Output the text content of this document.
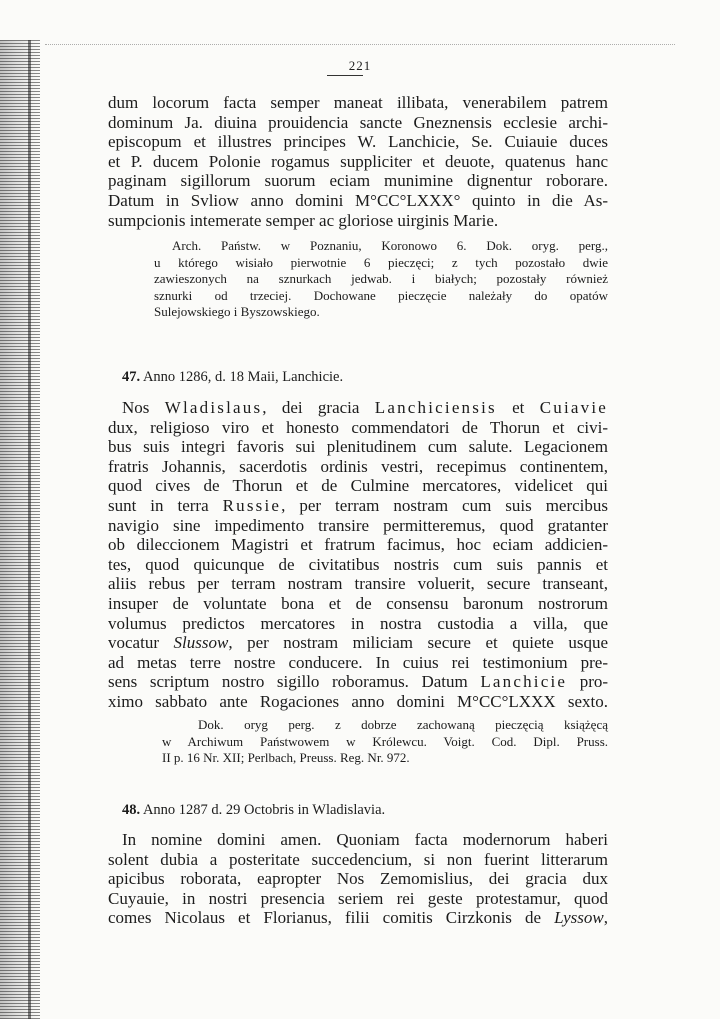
221
dum locorum facta semper maneat illibata, venerabilem patrem
dominum Ja. diuina prouidencia sancte Gneznensis ecclesie archi-
episcopum et illustres principes W. Lanchicie, Se. Cuiauie duces
et P. ducem Polonie rogamus suppliciter et deuote, quatenus hanc
paginam sigillorum suorum eciam munimine dignentur roborare.
Datum in Svliow anno domini M°CC°LXXX° quinto in die As-
sumpcionis intemerate semper ac gloriose uirginis Marie.
Arch. Państw. w Poznaniu, Koronowo 6. Dok. oryg. perg.,
u którego wisiało pierwotnie 6 pieczęci; z tych pozostało dwie
zawieszonych na sznurkach jedwab. i białych; pozostały również
sznurki od trzeciej. Dochowane pieczęcie należały do opatów
Sulejowskiego i Byszowskiego.
47. Anno 1286, d. 18 Maii, Lanchicie.
Nos Wladislaus, dei gracia Lanchiciensis et Cuiavie
dux, religioso viro et honesto commendatori de Thorun et civi-
bus suis integri favoris sui plenitudinem cum salute. Legacionem
fratris Johannis, sacerdotis ordinis vestri, recepimus continentem,
quod cives de Thorun et de Culmine mercatores, videlicet qui
sunt in terra Russie, per terram nostram cum suis mercibus
navigio sine impedimento transire permitteremus, quod gratanter
ob dileccionem Magistri et fratrum facimus, hoc eciam addicien-
tes, quod quicunque de civitatibus nostris cum suis pannis et
aliis rebus per terram nostram transire voluerit, secure transeant,
insuper de voluntate bona et de consensu baronum nostrorum
volumus predictos mercatores in nostra custodia a villa, que
vocatur Slussow, per nostram miliciam secure et quiete usque
ad metas terre nostre conducere. In cuius rei testimonium pre-
sens scriptum nostro sigillo roboramus. Datum Lanchicie pro-
ximo sabbato ante Rogaciones anno domini M°CC°LXXX sexto.
Dok. oryg perg. z dobrze zachowaną pieczęcią książęcą
w Archiwum Państwowem w Królewcu. Voigt. Cod. Dipl. Pruss.
II p. 16 Nr. XII; Perlbach, Preuss. Reg. Nr. 972.
48. Anno 1287 d. 29 Octobris in Wladislavia.
In nomine domini amen. Quoniam facta modernorum haberi
solent dubia a posteritate succedencium, si non fuerint litterarum
apicibus roborata, eapropter Nos Zemomislius, dei gracia dux
Cuyauie, in nostri presencia seriem rei geste protestamur, quod
comes Nicolaus et Florianus, filii comitis Cirzkonis de Lyssow,
